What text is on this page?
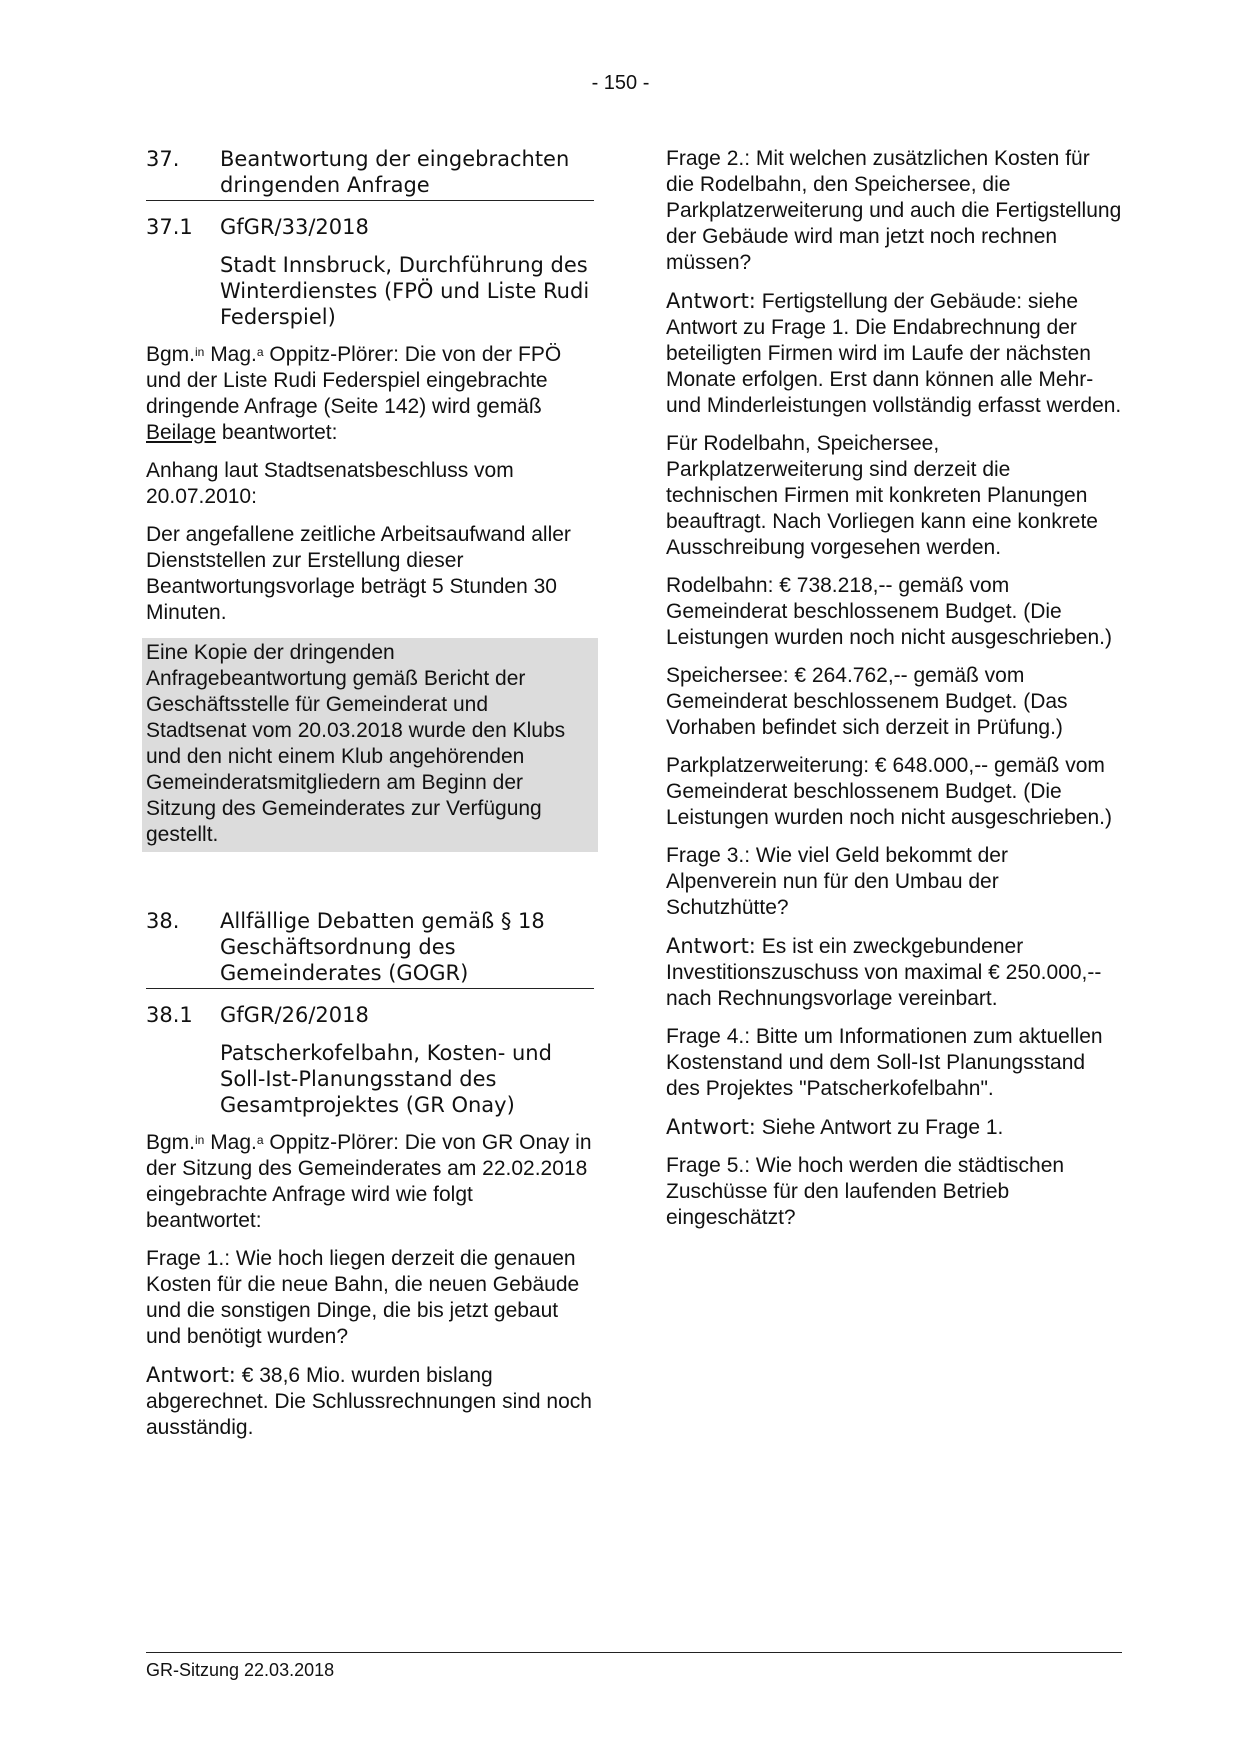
- 150 -
37.	Beantwortung der eingebrachten dringenden Anfrage
37.1	GfGR/33/2018

Stadt Innsbruck, Durchführung des Winterdienstes (FPÖ und Liste Rudi Federspiel)

Bgm.$^{in}$ Mag.$^a$ Oppitz-Plörer: Die von der FPÖ und der Liste Rudi Federspiel eingebrachte dringende Anfrage (Seite 142) wird gemäß Beilage beantwortet:

Anhang laut Stadtsenatsbeschluss vom 20.07.2010:

Der angefallene zeitliche Arbeitsaufwand aller Dienststellen zur Erstellung dieser Beantwortungsvorlage beträgt 5 Stunden 30 Minuten.

Eine Kopie der dringenden Anfragebeantwortung gemäß Bericht der Geschäftsstelle für Gemeinderat und Stadtsenat vom 20.03.2018 wurde den Klubs und den nicht einem Klub angehörenden Gemeinderatsmitgliedern am Beginn der Sitzung des Gemeinderates zur Verfügung gestellt.

38.	Allfällige Debatten gemäß § 18 Geschäftsordnung des Gemeinderates (GOGR)
38.1	GfGR/26/2018

Patscherkofelbahn, Kosten- und Soll-Ist-Planungsstand des Gesamtprojektes (GR Onay)

Bgm.$^{in}$ Mag.$^a$ Oppitz-Plörer: Die von GR Onay in der Sitzung des Gemeinderates am 22.02.2018 eingebrachte Anfrage wird wie folgt beantwortet:

Frage 1.: Wie hoch liegen derzeit die genauen Kosten für die neue Bahn, die neuen Gebäude und die sonstigen Dinge, die bis jetzt gebaut und benötigt wurden?

Antwort: € 38,6 Mio. wurden bislang abgerechnet. Die Schlussrechnungen sind noch ausständig.

Frage 2.: Mit welchen zusätzlichen Kosten für die Rodelbahn, den Speichersee, die Parkplatzerweiterung und auch die Fertigstellung der Gebäude wird man jetzt noch rechnen müssen?

Antwort: Fertigstellung der Gebäude: siehe Antwort zu Frage 1. Die Endabrechnung der beteiligten Firmen wird im Laufe der nächsten Monate erfolgen. Erst dann können alle Mehr- und Minderleistungen vollständig erfasst werden.

Für Rodelbahn, Speichersee, Parkplatzerweiterung sind derzeit die technischen Firmen mit konkreten Planungen beauftragt. Nach Vorliegen kann eine konkrete Ausschreibung vorgesehen werden.

Rodelbahn: € 738.218,-- gemäß vom Gemeinderat beschlossenem Budget. (Die Leistungen wurden noch nicht ausgeschrieben.)

Speichersee: € 264.762,-- gemäß vom Gemeinderat beschlossenem Budget. (Das Vorhaben befindet sich derzeit in Prüfung.)

Parkplatzerweiterung: € 648.000,-- gemäß vom Gemeinderat beschlossenem Budget. (Die Leistungen wurden noch nicht ausgeschrieben.)

Frage 3.: Wie viel Geld bekommt der Alpenverein nun für den Umbau der Schutzhütte?

Antwort: Es ist ein zweckgebundener Investitionszuschuss von maximal € 250.000,-- nach Rechnungsvorlage vereinbart.

Frage 4.: Bitte um Informationen zum aktuellen Kostenstand und dem Soll-Ist Planungsstand des Projektes "Patscherkofelbahn".

Antwort: Siehe Antwort zu Frage 1.

Frage 5.: Wie hoch werden die städtischen Zuschüsse für den laufenden Betrieb eingeschätzt?

GR-Sitzung 22.03.2018
